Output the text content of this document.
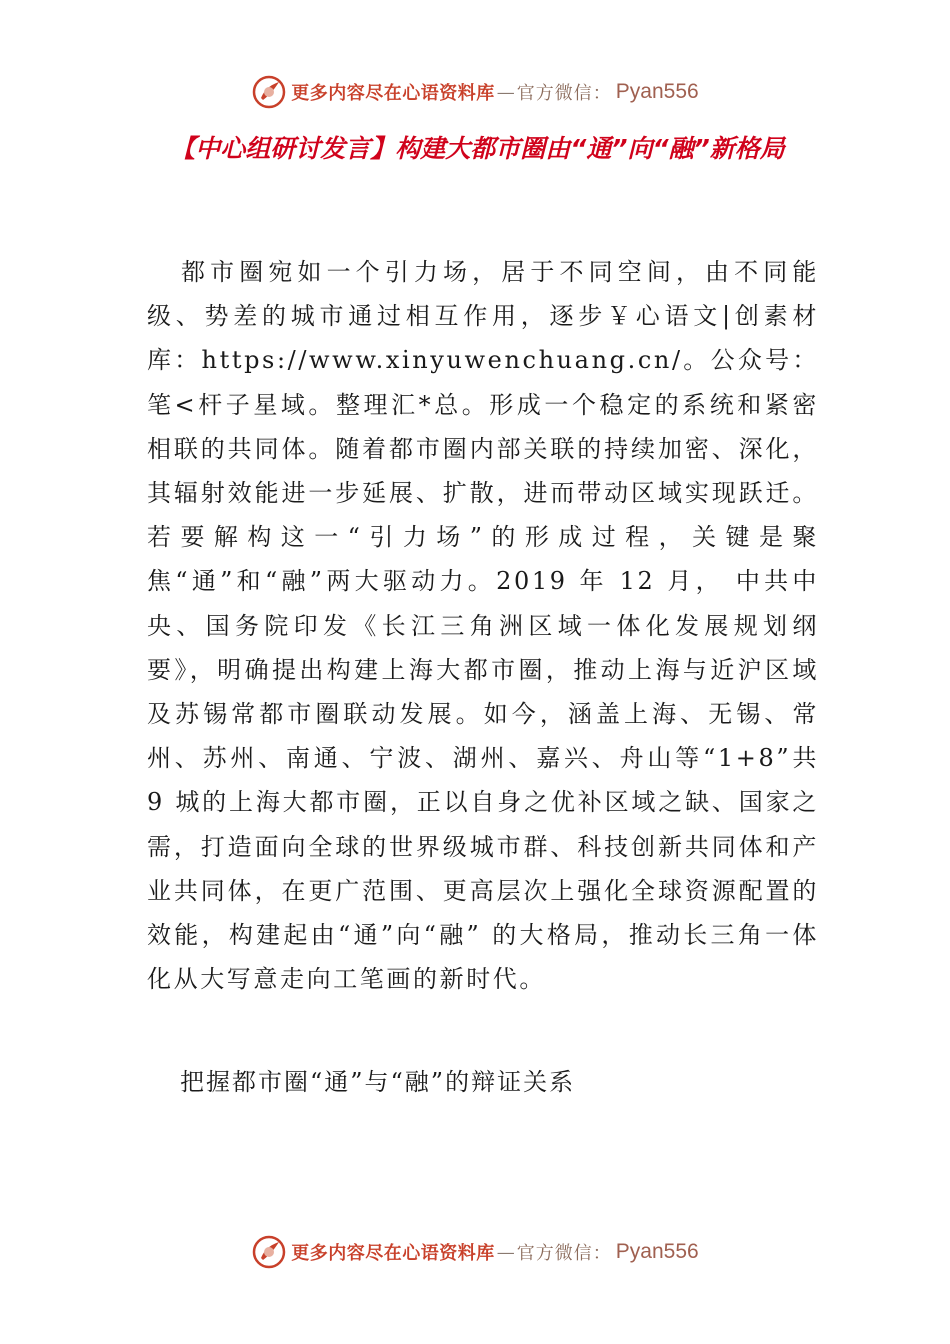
更多内容尽在心语资料库 — 官方微信： Pyan556
【中心组研讨发言】构建大都市圈由“通”向“融”新格局

都市圈宛如一个引力场，居于不同空间，由不同能级、势差的城市通过相互作用，逐步￥心语文|创素材库：https://www.xinyuwenchuang.cn/。公众号：笔<杆子星域。整理汇*总。形成一个稳定的系统和紧密相联的共同体。随着都市圈内部关联的持续加密、深化，其辐射效能进一步延展、扩散，进而带动区域实现跃迁。若要解构这一“引力场”的形成过程，关键是聚焦“通”和“融”两大驱动力。2019 年 12 月， 中共中央、国务院印发《长江三角洲区域一体化发展规划纲要》，明确提出构建上海大都市圈，推动上海与近沪区域及苏锡常都市圈联动发展。如今，涵盖上海、无锡、常州、苏州、南通、宁波、湖州、嘉兴、舟山等“1+8”共 9 城的上海大都市圈，正以自身之优补区域之缺、国家之需，打造面向全球的世界级城市群、科技创新共同体和产业共同体，在更广范围、更高层次上强化全球资源配置的效能，构建起由“通”向“融” 的大格局，推动长三角一体化从大写意走向工笔画的新时代。

把握都市圈“通”与“融”的辩证关系

更多内容尽在心语资料库 — 官方微信： Pyan556
